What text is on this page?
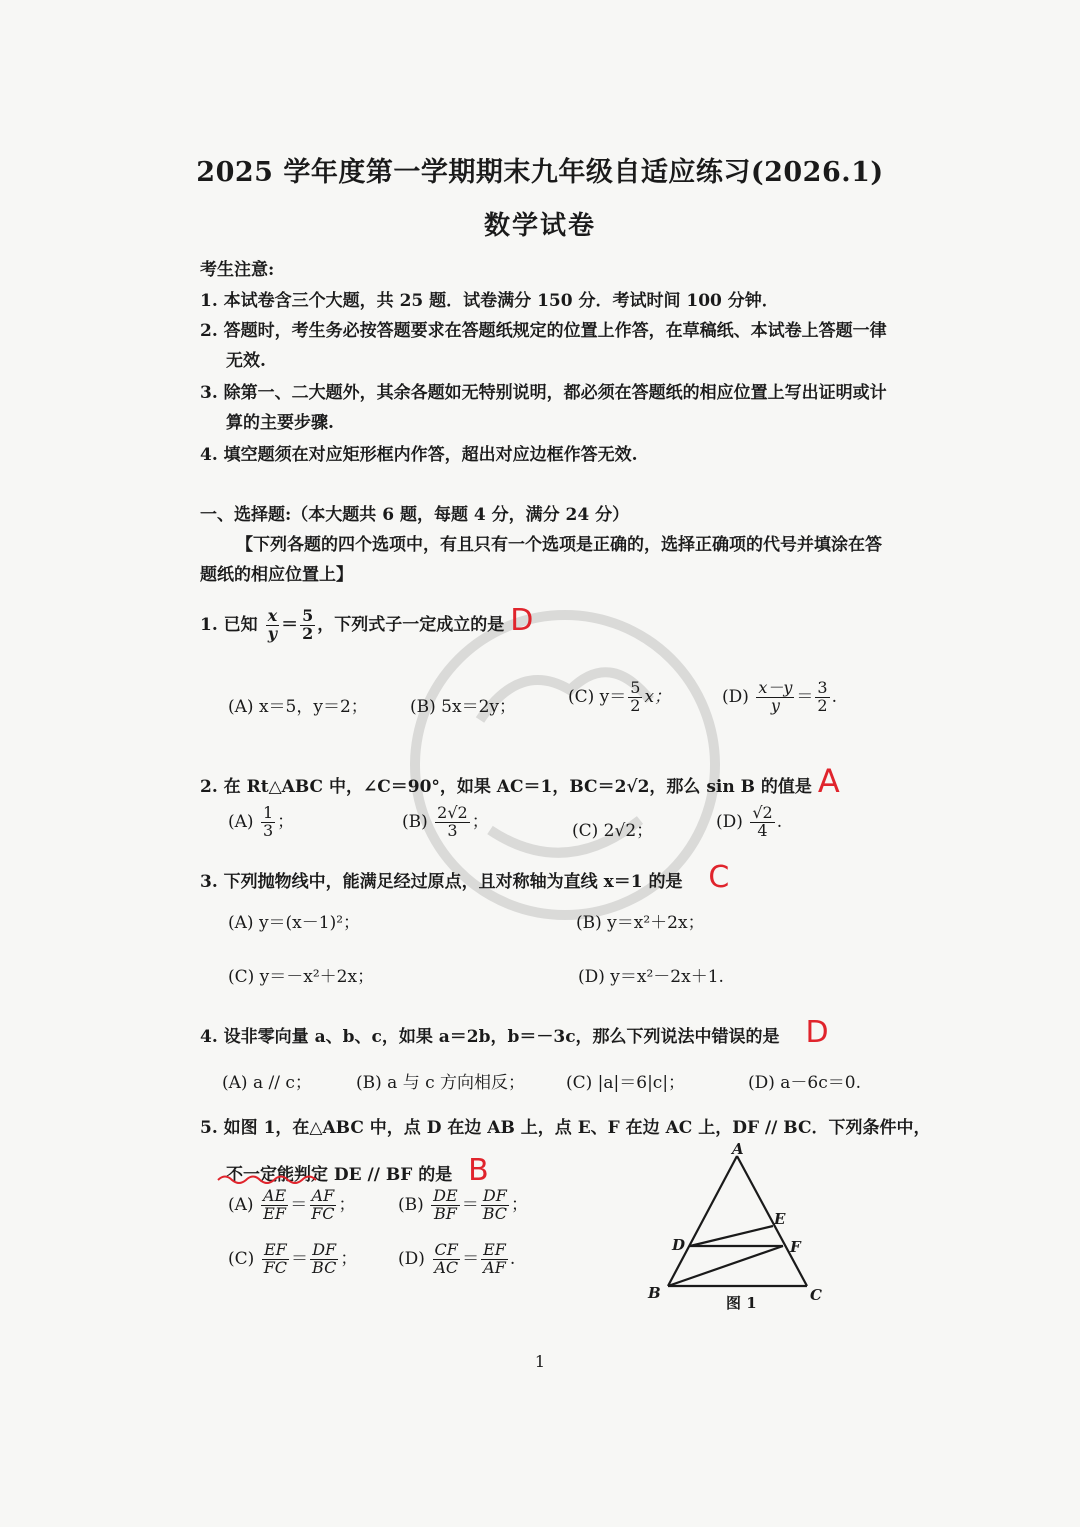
2025 学年度第一学期期末九年级自适应练习(2026.1)
数学试卷
考生注意:
1. 本试卷含三个大题，共 25 题．试卷满分 150 分．考试时间 100 分钟．
2. 答题时，考生务必按答题要求在答题纸规定的位置上作答，在草稿纸、本试卷上答题一律
无效.
3. 除第一、二大题外，其余各题如无特别说明，都必须在答题纸的相应位置上写出证明或计
算的主要步骤.
4. 填空题须在对应矩形框内作答，超出对应边框作答无效.
一、选择题:（本大题共 6 题，每题 4 分，满分 24 分）
【下列各题的四个选项中，有且只有一个选项是正确的，选择正确项的代号并填涂在答
题纸的相应位置上】
1. 已知 $\frac{x}{y} = \frac{5}{2}$ ，下列式子一定成立的是 D
(A) x＝5，y＝2； (B) 5x＝2y；
(C) $y= \frac{5}{2}$ x；	$(D) \frac{x-y}{y} = \frac{3}{2}$ .
2. 在 Rt△ABC 中，∠C＝90°，如果 AC＝1，BC＝2√2，那么 sin B 的值是 A
$(A) \frac{1}{3}$ ；	$(B) \frac{2√2}{3}$ ；	(C) 2√2；	$(D) \frac{√2}{4}$ .
3. 下列抛物线中，能满足经过原点，且对称轴为直线 x＝1 的是 C
(A) y＝(x－1)²；	(B) y＝x²＋2x；
(C) y＝－x²＋2x；	(D) y＝x²－2x＋1.
4. 设非零向量 a、b、c，如果 a＝2b，b＝－3c，那么下列说法中错误的是 D
(A) a // c；	(B) a 与 c 方向相反； (C) |a|＝6|c|；	(D) a－6c＝0.
5. 如图 1，在△ABC 中，点 D 在边 AB 上，点 E、F 在边 AC 上，DF // BC．下列条件中，
不一定能判定 DE // BF 的是 B
$(A) \frac{AE}{EF} = \frac{AF}{FC}$ ； $(B) \frac{DE}{BF} = \frac{DF}{BC}$ ；
$(C) \frac{EF}{FC} = \frac{DF}{BC}$ ； $(D) \frac{CF}{AC} = \frac{EF}{AF}$ .
A
B	C
D
E
F
图 1
1
